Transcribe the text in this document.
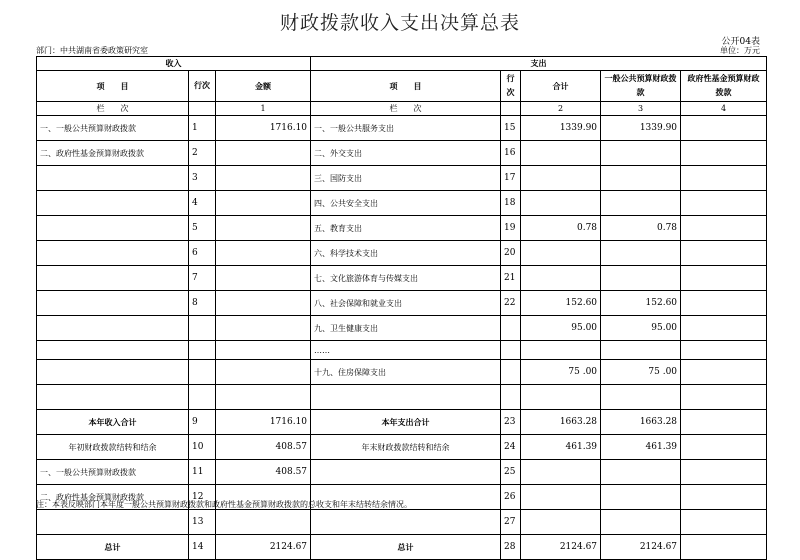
财政拨款收入支出决算总表
公开04表
部门：中共湖南省委政策研究室	单位：万元
收入			支出				
项　　目	行次	金额	项　　目	行次	合计	一般公共预算财政拨款	政府性基金预算财政拨款
栏　　次		1	栏　　次		2	3	4
一、一般公共预算财政拨款	1	1716.10	一、一般公共服务支出	15	1339.90	1339.90	
二、政府性基金预算财政拨款	2		二、外交支出	16			
	3		三、国防支出	17			
	4		四、公共安全支出	18			
	5		五、教育支出	19	0.78	0.78	
	6		六、科学技术支出	20			
	7		七、文化旅游体育与传媒支出	21			
	8		八、社会保障和就业支出	22	152.60	152.60	
			九、卫生健康支出		95.00	95.00	
			……				
			十九、住房保障支出		75 .00	75 .00	

本年收入合计	9	1716.10	本年支出合计	23	1663.28	1663.28	
年初财政拨款结转和结余	10	408.57	年末财政拨款结转和结余	24	461.39	461.39	
一、一般公共预算财政拨款	11	408.57		25			
二、政府性基金预算财政拨款	12			26			
	13			27			
总计	14	2124.67	总计	28	2124.67	2124.67	
注：本表反映部门本年度一般公共预算财政拨款和政府性基金预算财政拨款的总收支和年末结转结余情况。
